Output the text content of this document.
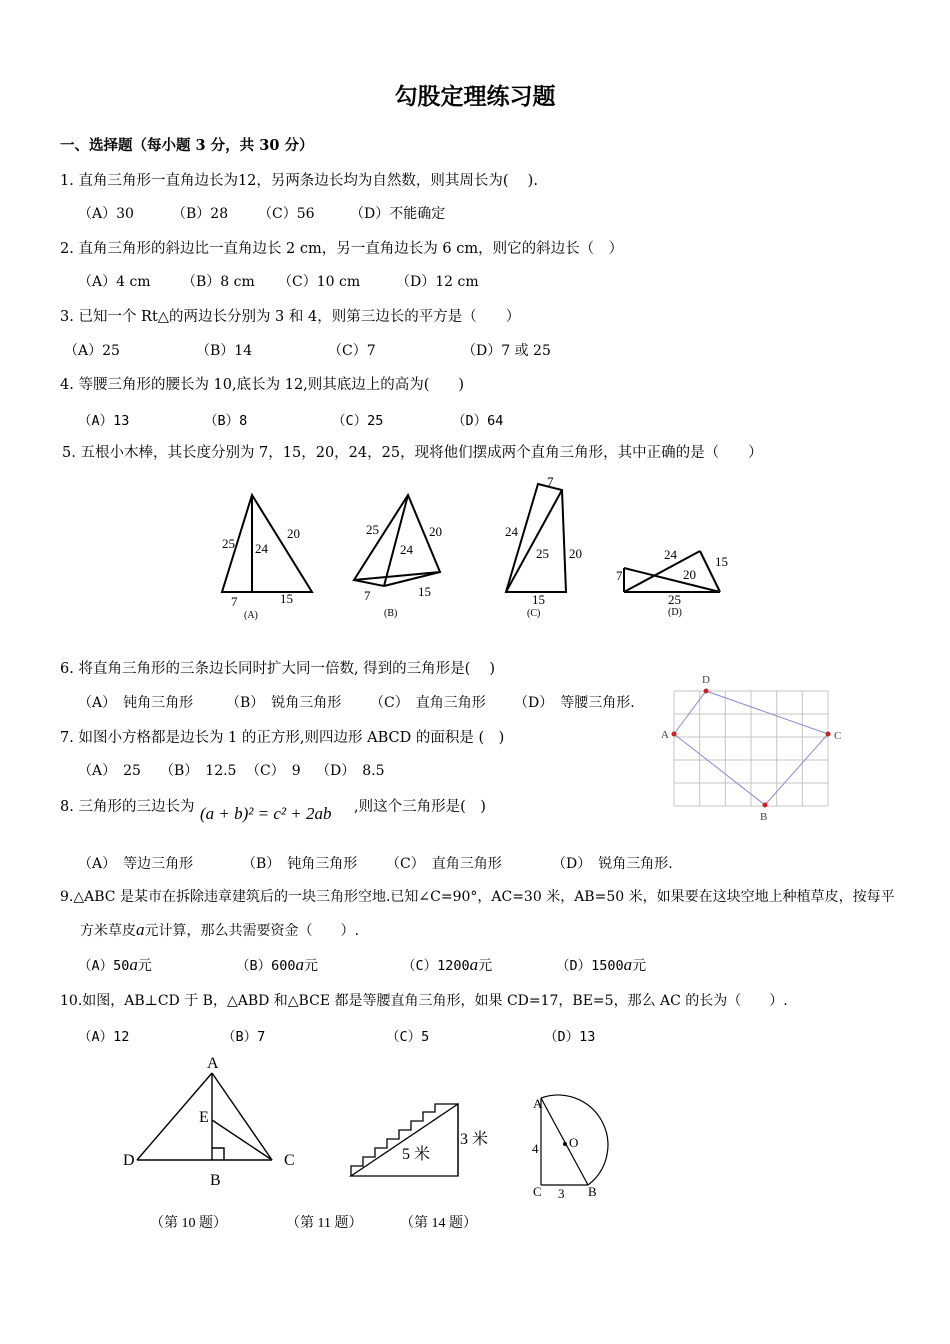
勾股定理练习题
一、选择题（每小题 3 分，共 30 分）
1. 直角三角形一直角边长为12，另两条边长均为自然数，则其周长为(　 ).
（A）30	（B）28 （C）56	（D）不能确定
2. 直角三角形的斜边比一直角边长 2 cm，另一直角边长为 6 cm，则它的斜边长（　）
（A）4 cm （B）8 cm （C）10 cm	（D）12 cm
3. 已知一个 Rt△的两边长分别为 3 和 4，则第三边长的平方是（　　）
（A）25	（B）14	（C）7	（D）7 或 25
4. 等腰三角形的腰长为 10,底长为 12,则其底边上的高为(　　)
（A）13	（B）8	（C）25	（D）64
5. 五根小木棒，其长度分别为 7，15，20，24，25，现将他们摆成两个直角三角形，其中正确的是（　　）
25 24
20
7	15
(A)
25
24
20
7	15
(B)
7
24
25 20
15
(C)
7
24
20
15
25
(D)
6. 将直角三角形的三条边长同时扩大同一倍数, 得到的三角形是(　 )
（A）　钝角三角形 （B）　锐角三角形 （C）　直角三角形 （D）　等腰三角形.
A
D
C
B
7. 如图小方格都是边长为 1 的正方形,则四边形 ABCD 的面积是 (　)
（A）　25 （B）　12.5 （C）　9 （D）　8.5
8. 三角形的三边长为 (a + b)² = c² + 2ab ,则这个三角形是(　)
（A）　等边三角形	（B）　钝角三角形 （C）　直角三角形	（D）　锐角三角形.
9.△ABC 是某市在拆除违章建筑后的一块三角形空地.已知∠C=90°，AC=30 米，AB=50 米，如果要在这块空地上种植草皮，按每平
方米草皮a元计算，那么共需要资金（　　）.
（A）50a元	（B）600a元	（C）1200a元	（D）1500a元
10.如图，AB⊥CD 于 B，△ABD 和△BCE 都是等腰直角三角形，如果 CD=17，BE=5，那么 AC 的长为（　　）.
（A）12	（B）7	（C）5	（D）13
A
E
D	C
B
3 米
5 米
A
O
C	B
4
3
（第 10 题）	（第 11 题）	（第 14 题）
